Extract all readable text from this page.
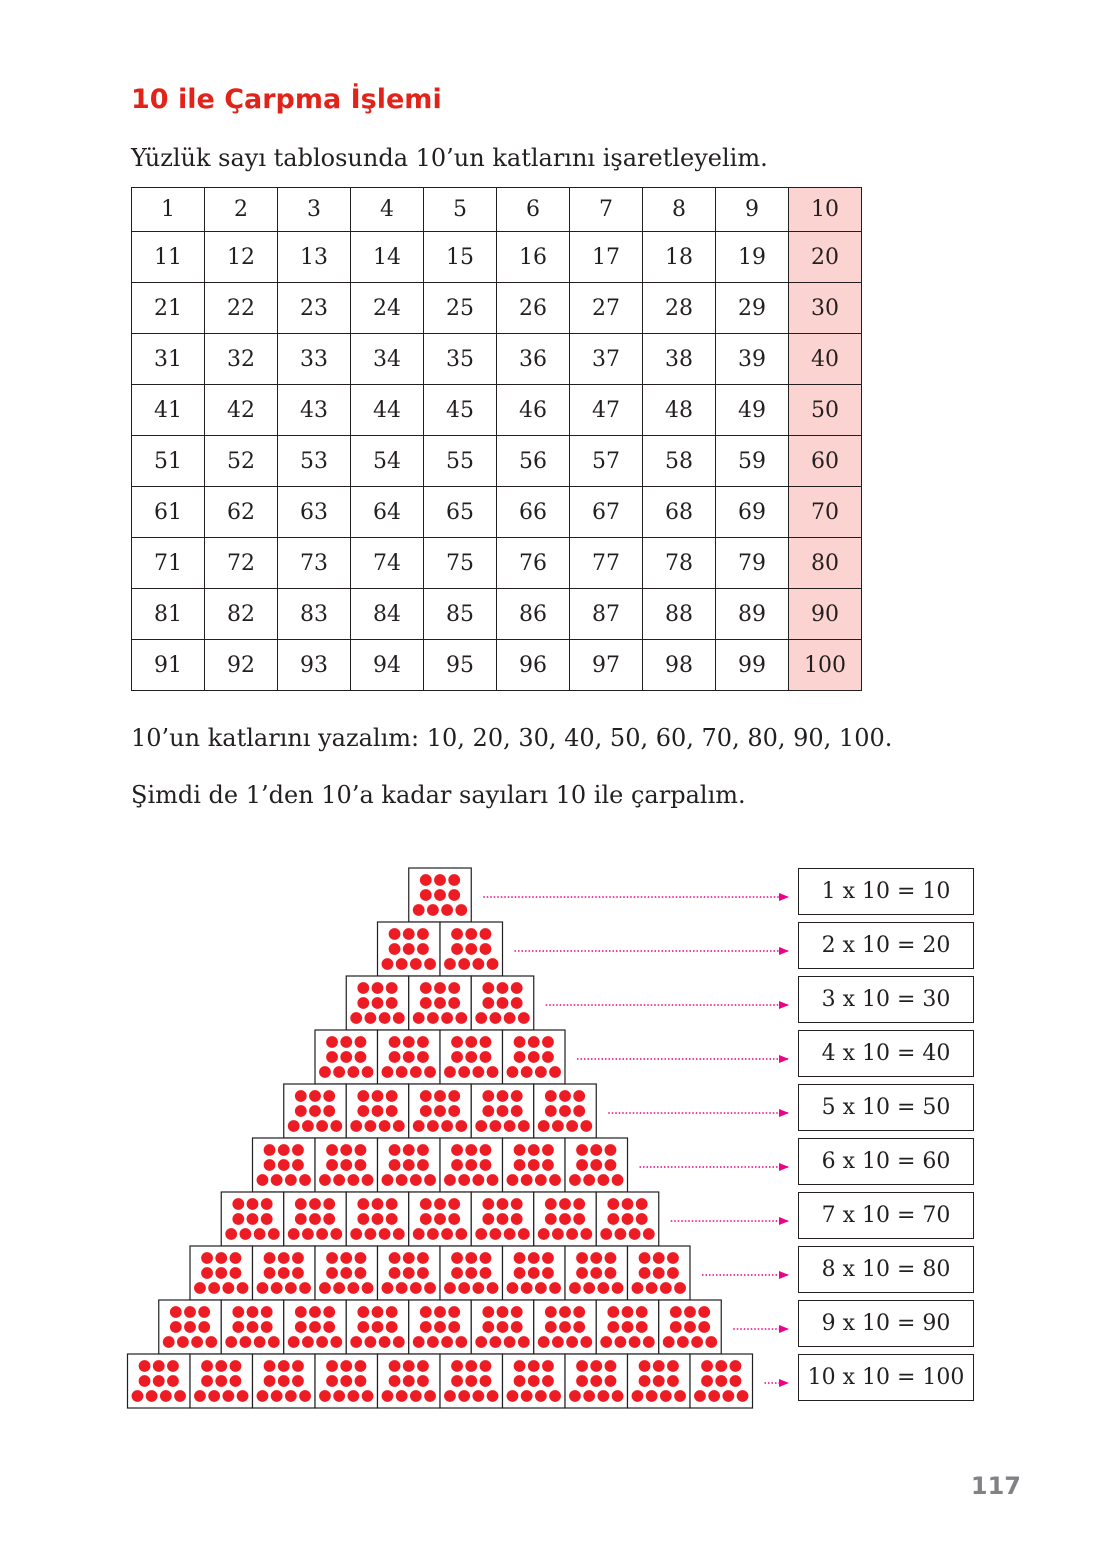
10 ile Çarpma İşlemi
Yüzlük sayı tablosunda 10’un katlarını işaretleyelim.
1	2	3	4	5	6	7	8	9	10
11	12	13	14	15	16	17	18	19	20
21	22	23	24	25	26	27	28	29	30
31	32	33	34	35	36	37	38	39	40
41	42	43	44	45	46	47	48	49	50
51	52	53	54	55	56	57	58	59	60
61	62	63	64	65	66	67	68	69	70
71	72	73	74	75	76	77	78	79	80
81	82	83	84	85	86	87	88	89	90
91	92	93	94	95	96	97	98	99	100
10’un katlarını yazalım: 10, 20, 30, 40, 50, 60, 70, 80, 90, 100.
Şimdi de 1’den 10’a kadar sayıları 10 ile çarpalım.
1 x 10 = 10
2 x 10 = 20
3 x 10 = 30
4 x 10 = 40
5 x 10 = 50
6 x 10 = 60
7 x 10 = 70
8 x 10 = 80
9 x 10 = 90
10 x 10 = 100
117
